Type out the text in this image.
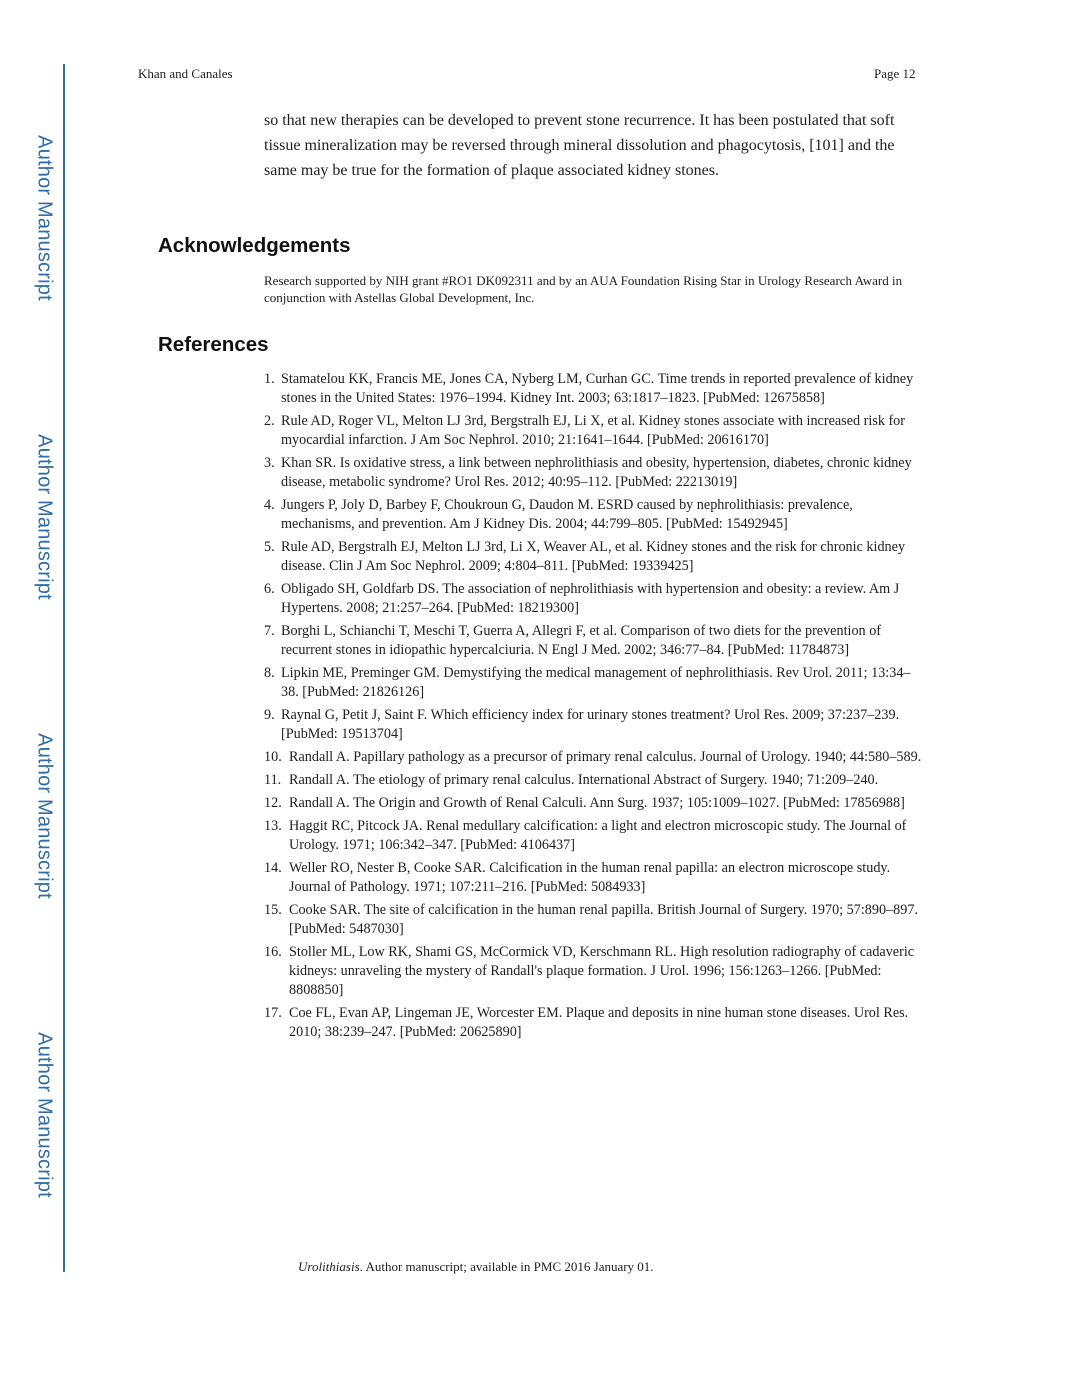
Author Manuscript
Author Manuscript
Author Manuscript
Author Manuscript
Khan and Canales	Page 12

so that new therapies can be developed to prevent stone recurrence. It has been postulated that soft tissue mineralization may be reversed through mineral dissolution and phagocytosis, [101] and the same may be true for the formation of plaque associated kidney stones.

Acknowledgements

Research supported by NIH grant #RO1 DK092311 and by an AUA Foundation Rising Star in Urology Research Award in conjunction with Astellas Global Development, Inc.

References
1. Stamatelou KK, Francis ME, Jones CA, Nyberg LM, Curhan GC. Time trends in reported prevalence of kidney stones in the United States: 1976–1994. Kidney Int. 2003; 63:1817–1823. [PubMed: 12675858]
2. Rule AD, Roger VL, Melton LJ 3rd, Bergstralh EJ, Li X, et al. Kidney stones associate with increased risk for myocardial infarction. J Am Soc Nephrol. 2010; 21:1641–1644. [PubMed: 20616170]
3. Khan SR. Is oxidative stress, a link between nephrolithiasis and obesity, hypertension, diabetes, chronic kidney disease, metabolic syndrome? Urol Res. 2012; 40:95–112. [PubMed: 22213019]
4. Jungers P, Joly D, Barbey F, Choukroun G, Daudon M. ESRD caused by nephrolithiasis: prevalence, mechanisms, and prevention. Am J Kidney Dis. 2004; 44:799–805. [PubMed: 15492945]
5. Rule AD, Bergstralh EJ, Melton LJ 3rd, Li X, Weaver AL, et al. Kidney stones and the risk for chronic kidney disease. Clin J Am Soc Nephrol. 2009; 4:804–811. [PubMed: 19339425]
6. Obligado SH, Goldfarb DS. The association of nephrolithiasis with hypertension and obesity: a review. Am J Hypertens. 2008; 21:257–264. [PubMed: 18219300]
7. Borghi L, Schianchi T, Meschi T, Guerra A, Allegri F, et al. Comparison of two diets for the prevention of recurrent stones in idiopathic hypercalciuria. N Engl J Med. 2002; 346:77–84. [PubMed: 11784873]
8. Lipkin ME, Preminger GM. Demystifying the medical management of nephrolithiasis. Rev Urol. 2011; 13:34–38. [PubMed: 21826126]
9. Raynal G, Petit J, Saint F. Which efficiency index for urinary stones treatment? Urol Res. 2009; 37:237–239. [PubMed: 19513704]
10. Randall A. Papillary pathology as a precursor of primary renal calculus. Journal of Urology. 1940; 44:580–589.
11. Randall A. The etiology of primary renal calculus. International Abstract of Surgery. 1940; 71:209–240.
12. Randall A. The Origin and Growth of Renal Calculi. Ann Surg. 1937; 105:1009–1027. [PubMed: 17856988]
13. Haggit RC, Pitcock JA. Renal medullary calcification: a light and electron microscopic study. The Journal of Urology. 1971; 106:342–347. [PubMed: 4106437]
14. Weller RO, Nester B, Cooke SAR. Calcification in the human renal papilla: an electron microscope study. Journal of Pathology. 1971; 107:211–216. [PubMed: 5084933]
15. Cooke SAR. The site of calcification in the human renal papilla. British Journal of Surgery. 1970; 57:890–897. [PubMed: 5487030]
16. Stoller ML, Low RK, Shami GS, McCormick VD, Kerschmann RL. High resolution radiography of cadaveric kidneys: unraveling the mystery of Randall's plaque formation. J Urol. 1996; 156:1263–1266. [PubMed: 8808850]
17. Coe FL, Evan AP, Lingeman JE, Worcester EM. Plaque and deposits in nine human stone diseases. Urol Res. 2010; 38:239–247. [PubMed: 20625890]
Urolithiasis. Author manuscript; available in PMC 2016 January 01.
